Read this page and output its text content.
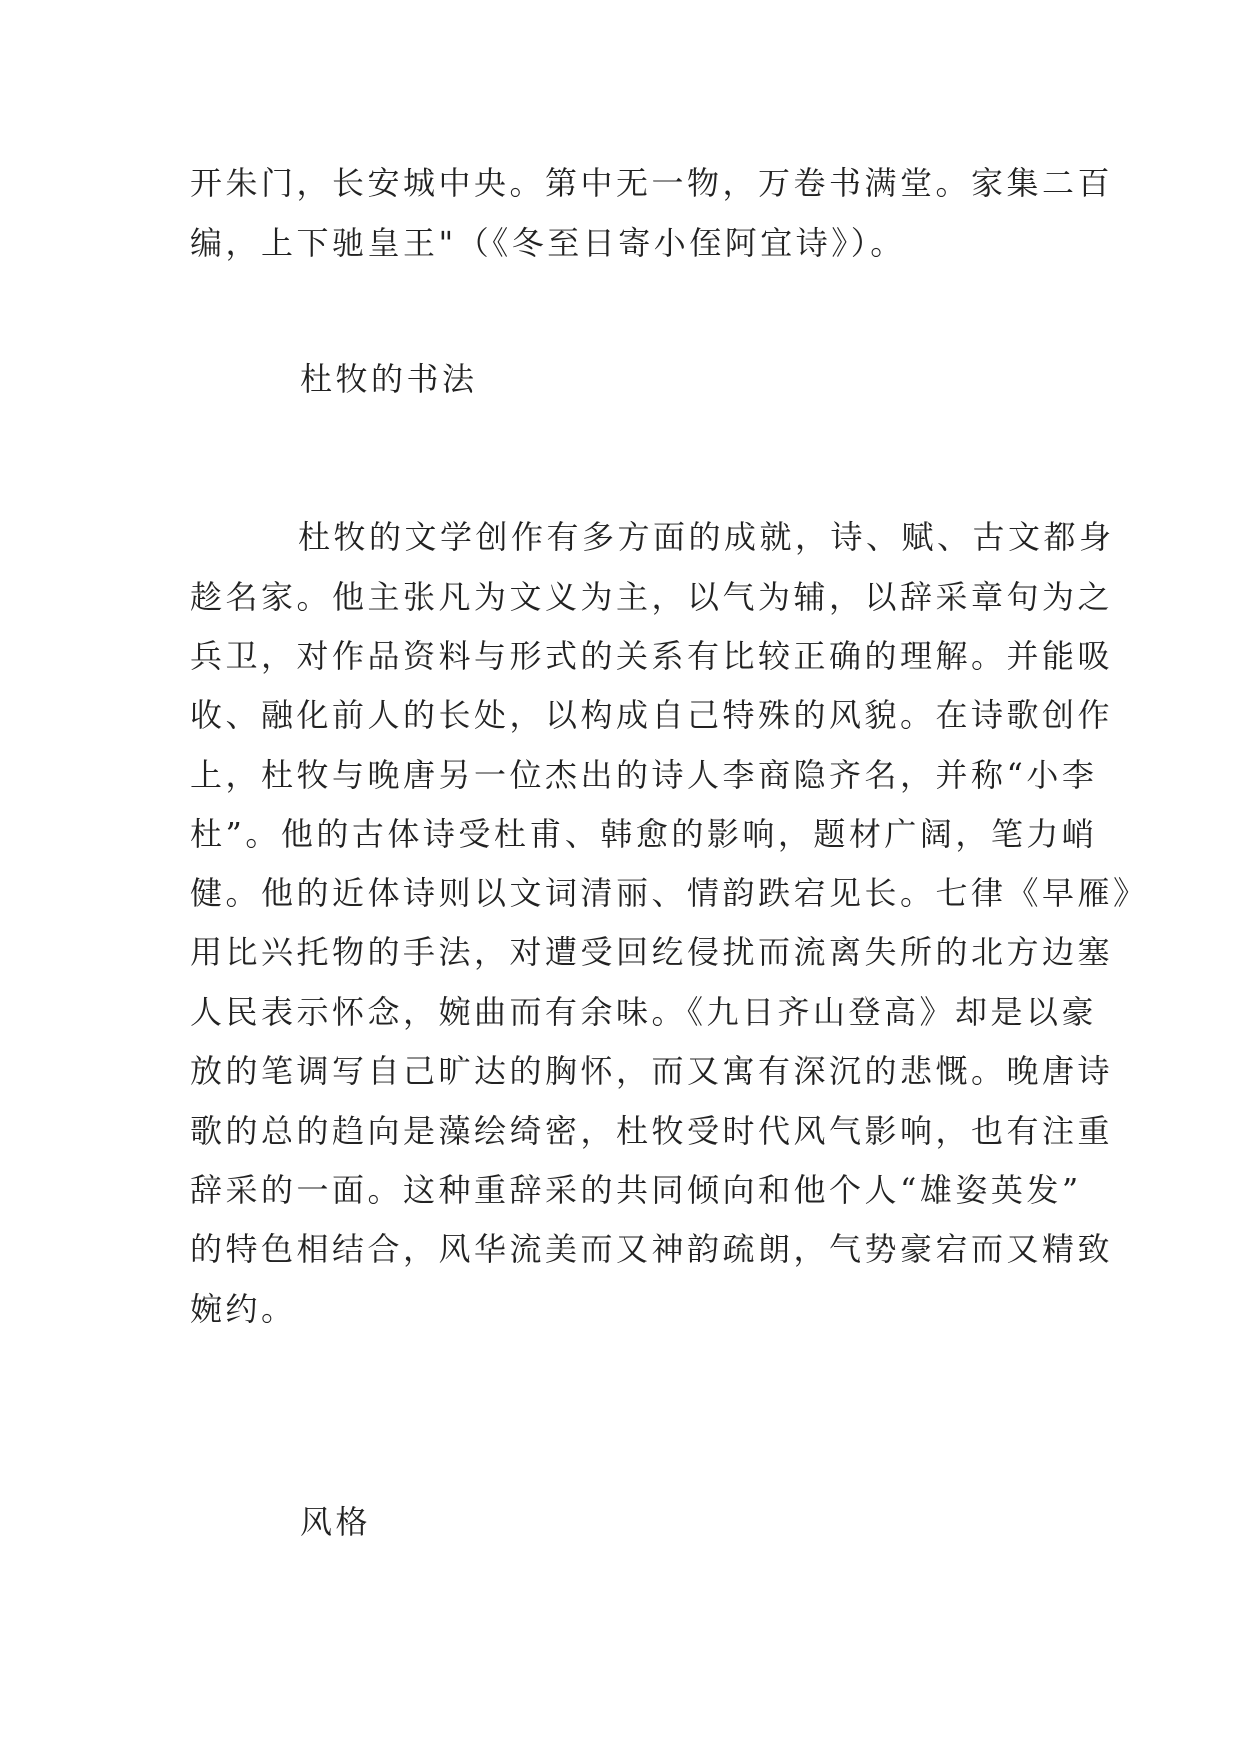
开朱门，长安城中央。第中无一物，万卷书满堂。家集二百

编，上下驰皇王"（《冬至日寄小侄阿宜诗》）。

杜牧的书法

杜牧的文学创作有多方面的成就，诗、赋、古文都身

趁名家。他主张凡为文义为主，以气为辅，以辞采章句为之

兵卫，对作品资料与形式的关系有比较正确的理解。并能吸

收、融化前人的长处，以构成自己特殊的风貌。在诗歌创作

上，杜牧与晚唐另一位杰出的诗人李商隐齐名，并称“小李

杜”。他的古体诗受杜甫、韩愈的影响，题材广阔，笔力峭

健。他的近体诗则以文词清丽、情韵跌宕见长。七律《早雁》

用比兴托物的手法，对遭受回纥侵扰而流离失所的北方边塞

人民表示怀念，婉曲而有余味。《九日齐山登高》却是以豪

放的笔调写自己旷达的胸怀，而又寓有深沉的悲慨。晚唐诗

歌的总的趋向是藻绘绮密，杜牧受时代风气影响，也有注重

辞采的一面。这种重辞采的共同倾向和他个人“雄姿英发”

的特色相结合，风华流美而又神韵疏朗，气势豪宕而又精致

婉约。

风格
